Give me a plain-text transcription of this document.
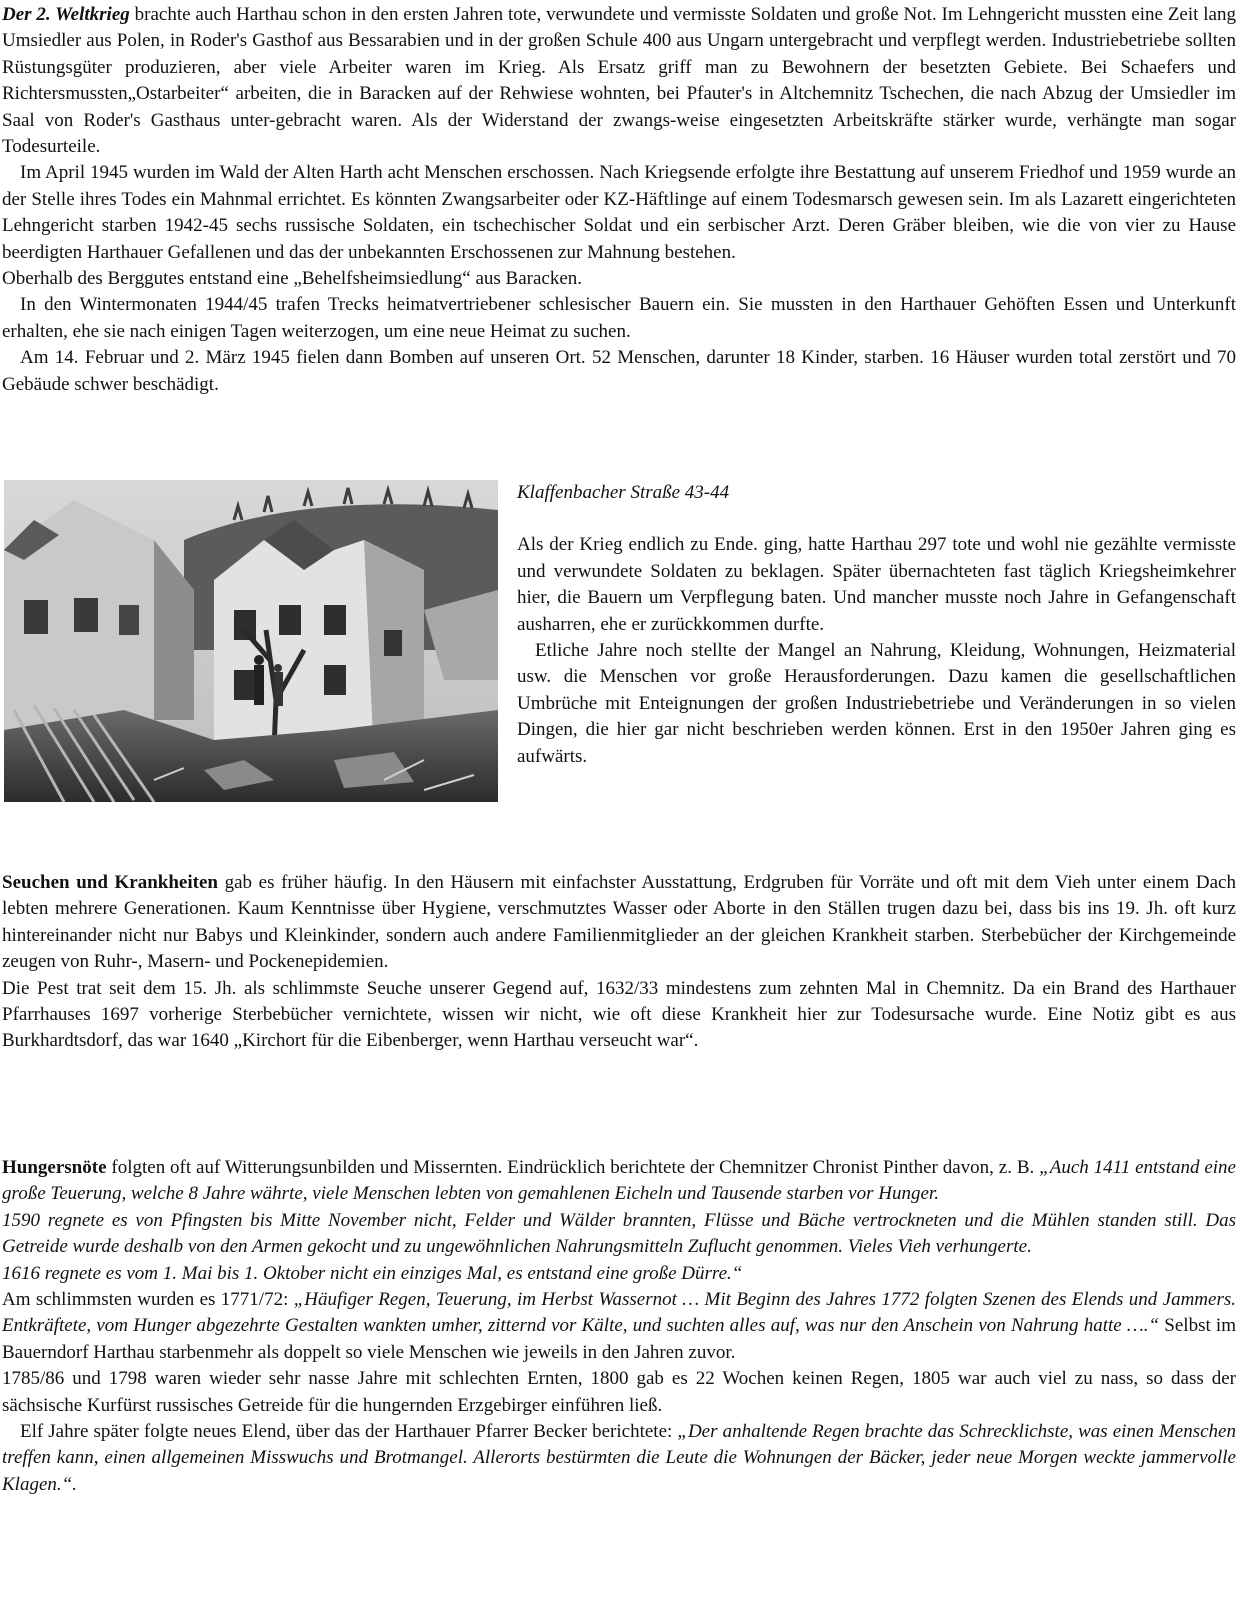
Der 2. Weltkrieg brachte auch Harthau schon in den ersten Jahren tote, verwundete und vermisste Soldaten und große Not. Im Lehngericht mussten eine Zeit lang Umsiedler aus Polen, in Roder's Gasthof aus Bessarabien und in der großen Schule 400 aus Ungarn untergebracht und verpflegt werden. Industriebetriebe sollten Rüstungsgüter produzieren, aber viele Arbeiter waren im Krieg. Als Ersatz griff man zu Bewohnern der besetzten Gebiete. Bei Schaefers und Richtersmussten„Ostarbeiter“ arbeiten, die in Baracken auf der Rehwiese wohnten, bei Pfauter's in Altchemnitz Tschechen, die nach Abzug der Umsiedler im Saal von Roder's Gasthaus unter-gebracht waren. Als der Widerstand der zwangs-weise eingesetzten Arbeitskräfte stärker wurde, verhängte man sogar Todesurteile.

Im April 1945 wurden im Wald der Alten Harth acht Menschen erschossen. Nach Kriegsende erfolgte ihre Bestattung auf unserem Friedhof und 1959 wurde an der Stelle ihres Todes ein Mahnmal errichtet. Es könnten Zwangsarbeiter oder KZ-Häftlinge auf einem Todesmarsch gewesen sein. Im als Lazarett eingerichteten Lehngericht starben 1942-45 sechs russische Soldaten, ein tschechischer Soldat und ein serbischer Arzt. Deren Gräber bleiben, wie die von vier zu Hause beerdigten Harthauer Gefallenen und das der unbekannten Erschossenen zur Mahnung bestehen.

Oberhalb des Berggutes entstand eine „Behelfsheimsiedlung“ aus Baracken.

In den Wintermonaten 1944/45 trafen Trecks heimatvertriebener schlesischer Bauern ein. Sie mussten in den Harthauer Gehöften Essen und Unterkunft erhalten, ehe sie nach einigen Tagen weiterzogen, um eine neue Heimat zu suchen.

Am 14. Februar und 2. März 1945 fielen dann Bomben auf unseren Ort. 52 Menschen, darunter 18 Kinder, starben. 16 Häuser wurden total zerstört und 70 Gebäude schwer beschädigt.

Klaffenbacher Straße 43-44

Als der Krieg endlich zu Ende. ging, hatte Harthau 297 tote und wohl nie gezählte vermisste und verwundete Soldaten zu beklagen. Später übernachteten fast täglich Kriegsheimkehrer hier, die Bauern um Verpflegung baten. Und mancher musste noch Jahre in Gefangenschaft ausharren, ehe er zurückkommen durfte.

Etliche Jahre noch stellte der Mangel an Nahrung, Kleidung, Wohnungen, Heizmaterial usw. die Menschen vor große Herausforderungen. Dazu kamen die gesellschaftlichen Umbrüche mit Enteignungen der großen Industriebetriebe und Veränderungen in so vielen Dingen, die hier gar nicht beschrieben werden können. Erst in den 1950er Jahren ging es aufwärts.

Seuchen und Krankheiten gab es früher häufig. In den Häusern mit einfachster Ausstattung, Erdgruben für Vorräte und oft mit dem Vieh unter einem Dach lebten mehrere Generationen. Kaum Kenntnisse über Hygiene, verschmutztes Wasser oder Aborte in den Ställen trugen dazu bei, dass bis ins 19. Jh. oft kurz hintereinander nicht nur Babys und Kleinkinder, sondern auch andere Familienmitglieder an der gleichen Krankheit starben. Sterbebücher der Kirchgemeinde zeugen von Ruhr-, Masern- und Pockenepidemien.

Die Pest trat seit dem 15. Jh. als schlimmste Seuche unserer Gegend auf, 1632/33 mindestens zum zehnten Mal in Chemnitz. Da ein Brand des Harthauer Pfarrhauses 1697 vorherige Sterbebücher vernichtete, wissen wir nicht, wie oft diese Krankheit hier zur Todesursache wurde. Eine Notiz gibt es aus Burkhardtsdorf, das war 1640 „Kirchort für die Eibenberger, wenn Harthau verseucht war“.

Hungersnöte folgten oft auf Witterungsunbilden und Missernten. Eindrücklich berichtete der Chemnitzer Chronist Pinther davon, z. B. „Auch 1411 entstand eine große Teuerung, welche 8 Jahre währte, viele Menschen lebten von gemahlenen Eicheln und Tausende starben vor Hunger.

1590 regnete es von Pfingsten bis Mitte November nicht, Felder und Wälder brannten, Flüsse und Bäche vertrockneten und die Mühlen standen still. Das Getreide wurde deshalb von den Armen gekocht und zu ungewöhnlichen Nahrungsmitteln Zuflucht genommen. Vieles Vieh verhungerte.

1616 regnete es vom 1. Mai bis 1. Oktober nicht ein einziges Mal, es entstand eine große Dürre.“

Am schlimmsten wurden es 1771/72: „Häufiger Regen, Teuerung, im Herbst Wassernot … Mit Beginn des Jahres 1772 folgten Szenen des Elends und Jammers. Entkräftete, vom Hunger abgezehrte Gestalten wankten umher, zitternd vor Kälte, und suchten alles auf, was nur den Anschein von Nahrung hatte ….“ Selbst im Bauerndorf Harthau starbenmehr als doppelt so viele Menschen wie jeweils in den Jahren zuvor.

1785/86 und 1798 waren wieder sehr nasse Jahre mit schlechten Ernten, 1800 gab es 22 Wochen keinen Regen, 1805 war auch viel zu nass, so dass der sächsische Kurfürst russisches Getreide für die hungernden Erzgebirger einführen ließ.

Elf Jahre später folgte neues Elend, über das der Harthauer Pfarrer Becker berichtete: „Der anhaltende Regen brachte das Schrecklichste, was einen Menschen treffen kann, einen allgemeinen Misswuchs und Brotmangel. Allerorts bestürmten die Leute die Wohnungen der Bäcker, jeder neue Morgen weckte jammervolle Klagen.“.
